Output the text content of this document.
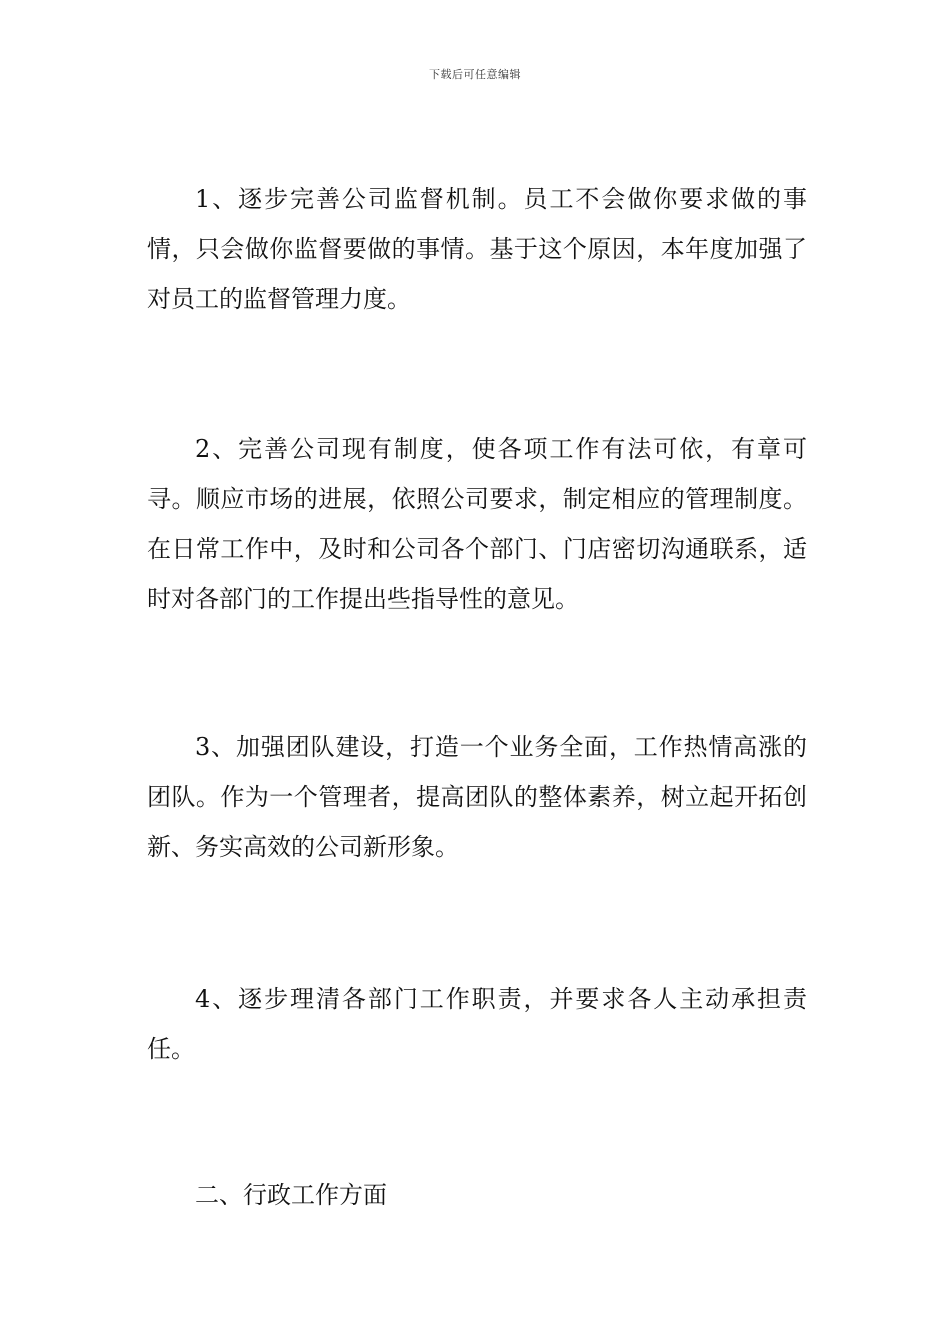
下载后可任意编辑

1、逐步完善公司监督机制。员工不会做你要求做的事情，只会做你监督要做的事情。基于这个原因，本年度加强了对员工的监督管理力度。

2、完善公司现有制度，使各项工作有法可依，有章可寻。顺应市场的进展，依照公司要求，制定相应的管理制度。在日常工作中，及时和公司各个部门、门店密切沟通联系，适时对各部门的工作提出些指导性的意见。

3、加强团队建设，打造一个业务全面，工作热情高涨的团队。作为一个管理者，提高团队的整体素养，树立起开拓创新、务实高效的公司新形象。

4、逐步理清各部门工作职责，并要求各人主动承担责任。

二、行政工作方面
